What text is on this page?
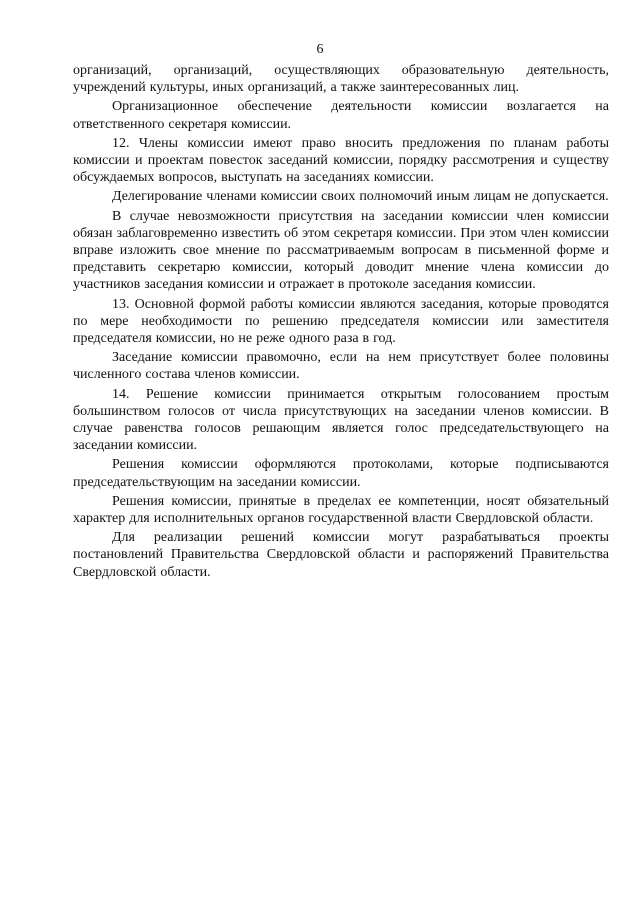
6

организаций, организаций, осуществляющих образовательную деятельность, учреждений культуры, иных организаций, а также заинтересованных лиц.

Организационное обеспечение деятельности комиссии возлагается на ответственного секретаря комиссии.

12. Члены комиссии имеют право вносить предложения по планам работы комиссии и проектам повесток заседаний комиссии, порядку рассмотрения и существу обсуждаемых вопросов, выступать на заседаниях комиссии.

Делегирование членами комиссии своих полномочий иным лицам не допускается.

В случае невозможности присутствия на заседании комиссии член комиссии обязан заблаговременно известить об этом секретаря комиссии. При этом член комиссии вправе изложить свое мнение по рассматриваемым вопросам в письменной форме и представить секретарю комиссии, который доводит мнение члена комиссии до участников заседания комиссии и отражает в протоколе заседания комиссии.

13. Основной формой работы комиссии являются заседания, которые проводятся по мере необходимости по решению председателя комиссии или заместителя председателя комиссии, но не реже одного раза в год.

Заседание комиссии правомочно, если на нем присутствует более половины численного состава членов комиссии.

14. Решение комиссии принимается открытым голосованием простым большинством голосов от числа присутствующих на заседании членов комиссии. В случае равенства голосов решающим является голос председательствующего на заседании комиссии.

Решения комиссии оформляются протоколами, которые подписываются председательствующим на заседании комиссии.

Решения комиссии, принятые в пределах ее компетенции, носят обязательный характер для исполнительных органов государственной власти Свердловской области.

Для реализации решений комиссии могут разрабатываться проекты постановлений Правительства Свердловской области и распоряжений Правительства Свердловской области.
